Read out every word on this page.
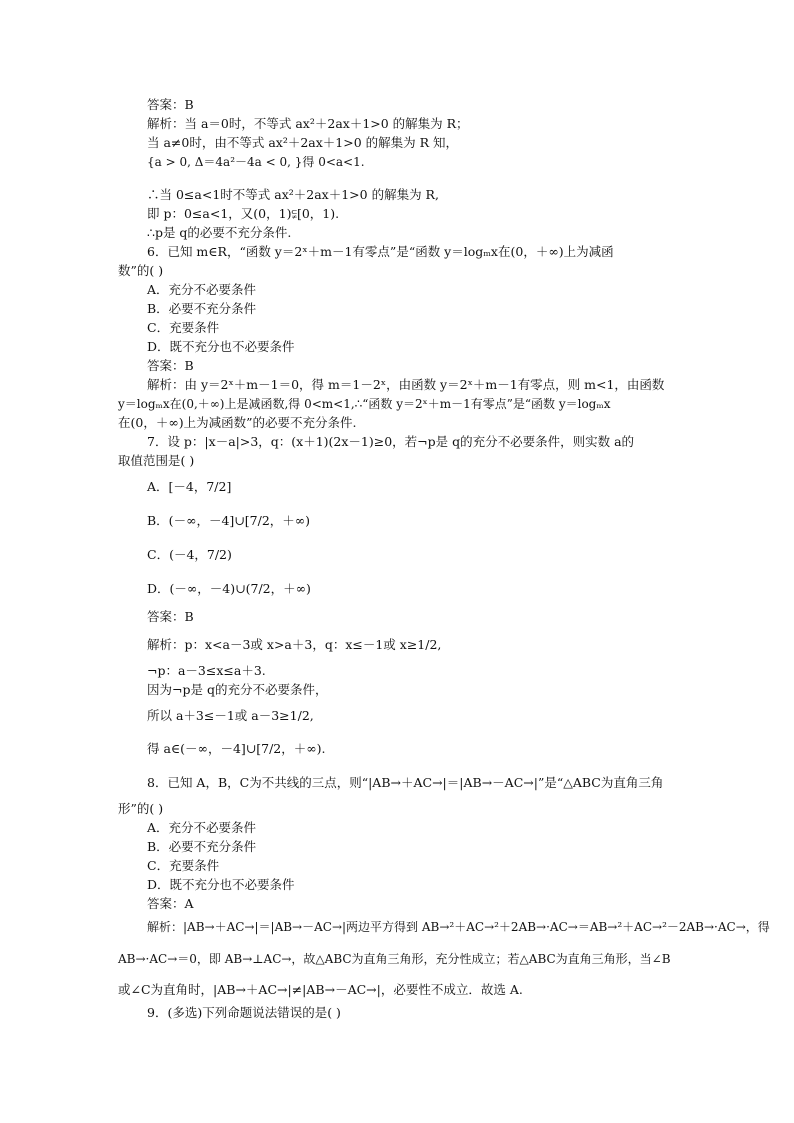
答案：B
解析：当 a＝0时，不等式 ax²＋2ax＋1>0 的解集为 R；
当 a≠0时，由不等式 ax²＋2ax＋1>0 的解集为 R 知，
{a > 0, Δ＝4a²－4a < 0, }得 0<a<1.
∴当 0≤a<1时不等式 ax²＋2ax＋1>0 的解集为 R,
即 p：0≤a<1，又(0，1)⫋[0，1).
∴p是 q的必要不充分条件.
6．已知 m∈R，“函数 y＝2ˣ＋m－1有零点”是“函数 y＝logₘx在(0，＋∞)上为减函
数”的( )
A．充分不必要条件
B．必要不充分条件
C．充要条件
D．既不充分也不必要条件
答案：B
解析：由 y＝2ˣ＋m－1＝0，得 m＝1－2ˣ，由函数 y＝2ˣ＋m－1有零点，则 m<1，由函数
y＝logₘx在(0,＋∞)上是减函数,得 0<m<1,∴“函数 y＝2ˣ＋m－1有零点”是“函数 y＝logₘx
在(0，＋∞)上为减函数”的必要不充分条件.
7．设 p：|x－a|>3，q：(x＋1)(2x－1)≥0，若¬p是 q的充分不必要条件，则实数 a的
取值范围是( )
A．[－4，7/2]
B．(－∞，－4]∪[7/2，＋∞)
C．(－4，7/2)
D．(－∞，－4)∪(7/2，＋∞)
答案：B
解析：p：x<a－3或 x>a＋3，q：x≤－1或 x≥1/2,
¬p：a－3≤x≤a＋3.
因为¬p是 q的充分不必要条件，
所以 a＋3≤－1或 a－3≥1/2,
得 a∈(－∞，－4]∪[7/2，＋∞).
8．已知 A，B，C为不共线的三点，则“|AB→＋AC→|＝|AB→－AC→|”是“△ABC为直角三角
形”的( )
A．充分不必要条件
B．必要不充分条件
C．充要条件
D．既不充分也不必要条件
答案：A
解析：|AB→＋AC→|＝|AB→－AC→|两边平方得到 AB→²＋AC→²＋2AB→·AC→＝AB→²＋AC→²－2AB→·AC→，得
AB→·AC→＝0，即 AB→⊥AC→，故△ABC为直角三角形，充分性成立；若△ABC为直角三角形，当∠B
或∠C为直角时，|AB→＋AC→|≠|AB→－AC→|，必要性不成立．故选 A.
9．(多选)下列命题说法错误的是( )
